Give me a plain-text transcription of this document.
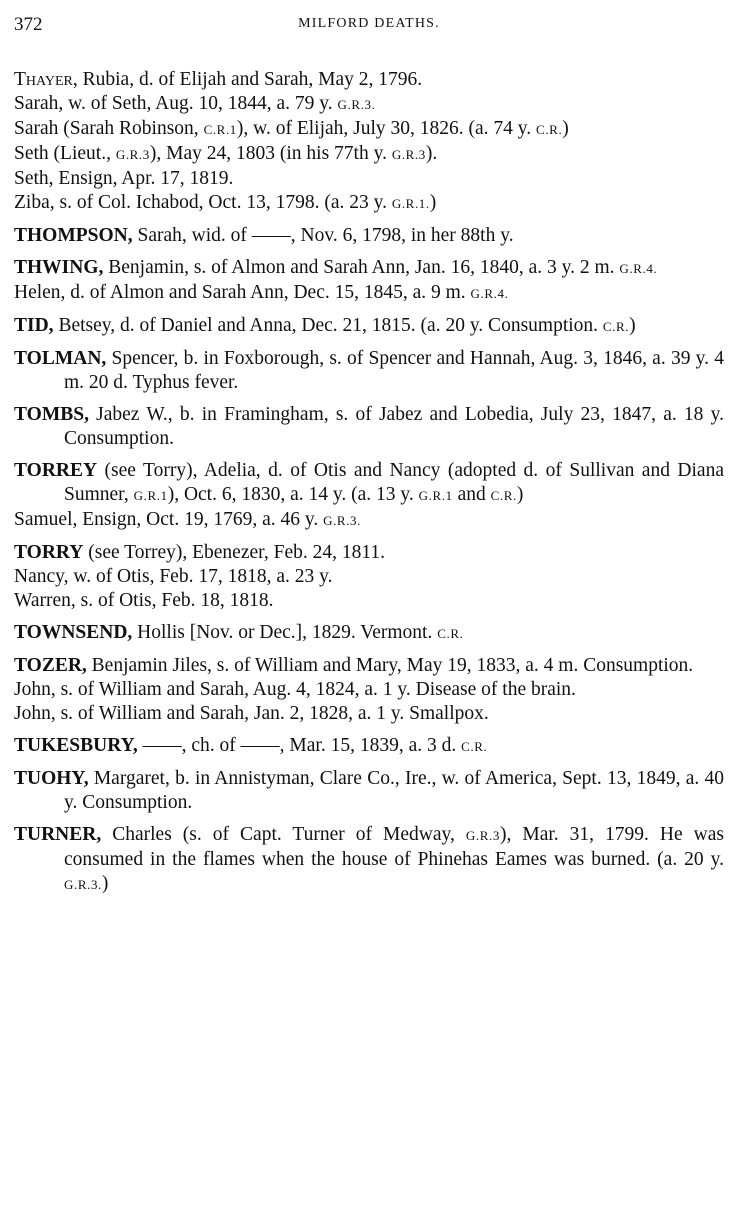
372	MILFORD DEATHS.
Thayer, Rubia, d. of Elijah and Sarah, May 2, 1796.
Sarah, w. of Seth, Aug. 10, 1844, a. 79 y. G.R.3.
Sarah (Sarah Robinson, C.R.1), w. of Elijah, July 30, 1826. (a. 74 y. C.R.)
Seth (Lieut., G.R.3), May 24, 1803 (in his 77th y. G.R.3).
Seth, Ensign, Apr. 17, 1819.
Ziba, s. of Col. Ichabod, Oct. 13, 1798. (a. 23 y. G.R.1.)
THOMPSON, Sarah, wid. of ——, Nov. 6, 1798, in her 88th y.
THWING, Benjamin, s. of Almon and Sarah Ann, Jan. 16, 1840, a. 3 y. 2 m. G.R.4.
Helen, d. of Almon and Sarah Ann, Dec. 15, 1845, a. 9 m. G.R.4.
TID, Betsey, d. of Daniel and Anna, Dec. 21, 1815. (a. 20 y. Consumption. C.R.)
TOLMAN, Spencer, b. in Foxborough, s. of Spencer and Hannah, Aug. 3, 1846, a. 39 y. 4 m. 20 d. Typhus fever.
TOMBS, Jabez W., b. in Framingham, s. of Jabez and Lobedia, July 23, 1847, a. 18 y. Consumption.
TORREY (see Torry), Adelia, d. of Otis and Nancy (adopted d. of Sullivan and Diana Sumner, G.R.1), Oct. 6, 1830, a. 14 y. (a. 13 y. G.R.1 and C.R.)
Samuel, Ensign, Oct. 19, 1769, a. 46 y. G.R.3.
TORRY (see Torrey), Ebenezer, Feb. 24, 1811.
Nancy, w. of Otis, Feb. 17, 1818, a. 23 y.
Warren, s. of Otis, Feb. 18, 1818.
TOWNSEND, Hollis [Nov. or Dec.], 1829. Vermont. C.R.
TOZER, Benjamin Jiles, s. of William and Mary, May 19, 1833, a. 4 m. Consumption.
John, s. of William and Sarah, Aug. 4, 1824, a. 1 y. Disease of the brain.
John, s. of William and Sarah, Jan. 2, 1828, a. 1 y. Smallpox.
TUKESBURY, ——, ch. of ——, Mar. 15, 1839, a. 3 d. C.R.
TUOHY, Margaret, b. in Annistyman, Clare Co., Ire., w. of America, Sept. 13, 1849, a. 40 y. Consumption.
TURNER, Charles (s. of Capt. Turner of Medway, G.R.3), Mar. 31, 1799. He was consumed in the flames when the house of Phinehas Eames was burned. (a. 20 y. G.R.3.)
